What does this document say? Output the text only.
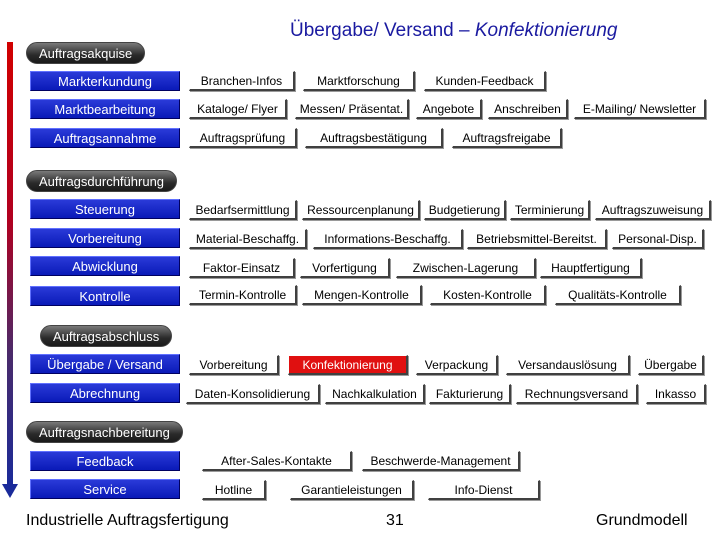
Übergabe/ Versand – Konfektionierung
Auftragsakquise
Markterkundung	Branchen-Infos	Marktforschung	Kunden-Feedback
Marktbearbeitung	Kataloge/ Flyer	Messen/ Präsentat.	Angebote	Anschreiben	E-Mailing/ Newsletter
Auftragsannahme	Auftragsprüfung	Auftragsbestätigung	Auftragsfreigabe
Auftragsdurchführung
Steuerung	Bedarfsermittlung	Ressourcenplanung	Budgetierung	Terminierung	Auftragszuweisung
Vorbereitung	Material-Beschaffg.	Informations-Beschaffg.	Betriebsmittel-Bereitst.	Personal-Disp.
Abwicklung	Faktor-Einsatz	Vorfertigung	Zwischen-Lagerung	Hauptfertigung
Kontrolle	Termin-Kontrolle	Mengen-Kontrolle	Kosten-Kontrolle	Qualitäts-Kontrolle
Auftragsabschluss
Übergabe / Versand	Vorbereitung	Konfektionierung	Verpackung	Versandauslösung	Übergabe
Abrechnung	Daten-Konsolidierung	Nachkalkulation	Fakturierung	Rechnungsversand	Inkasso
Auftragsnachbereitung
Feedback	After-Sales-Kontakte	Beschwerde-Management
Service	Hotline	Garantieleistungen	Info-Dienst
Industrielle Auftragsfertigung	31	Grundmodell
